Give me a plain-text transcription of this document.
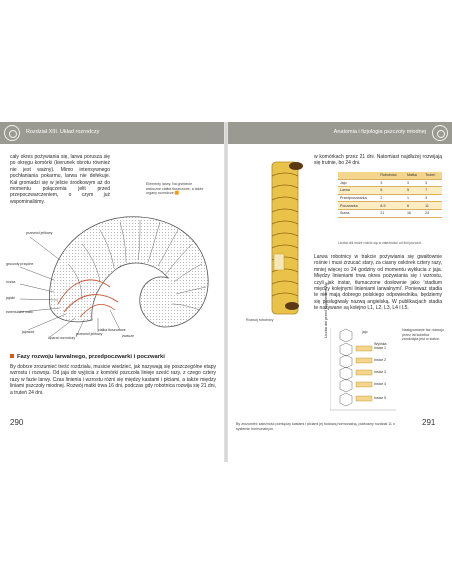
Rozdział XIII. Układ rozrodczy
cały okres pożywiania się, larwa porusza się po okręgu komórki (kierunek obrotu również nie jest ważny). Mimo intensywnego pochłaniania pokarmu, larwa nie defekuje. Kał gromadzi się w jelicie środkowym aż do momentu połączenia jelit przed przepoczwarczeniem, o czym już wspominaliśmy.
Elementy larwy. Na grzbiecie widoczne ciałka tłuszczowe, a także organy rozrodcze 🟧
przewód jelitowy
gruczoły przędne
oczka
jajniki
ewentualne ciało
jajowód
Aparat rozrodczy
przewód jelitowy
ciałka tłuszczowe
żwacze
Fazy rozwoju larwalnego, przedpoczwarki i poczwarki
By dobrze zrozumieć treść rozdziału, musicie wiedzieć, jak nazywają się poszczególne etapy wzrostu i rozwoju. Od jaja do wyjścia z komórki pszczoła linieje sześć razy, z czego cztery razy w fazie larwy. Czas linienia i wzrostu różni się między kastami i płciami, a także między liniami pszczoły miodnej. Rozwój matki trwa 16 dni, podczas gdy robotnica rozwija się 21 dni, a truteń 24 dni.
290
Anatomia i fizjologia pszczoły miodnej
Rozwój robotnicy
w komórkach przez 21 dni. Natomiast najdłużej rozwijają się trutnie, bo 24 dni.
	Robotnica	Matka	Truteń
Jajo	3	3	3
Larwa	6	5	7
Przedpoczwarka	2	1	3
Poczwarka	8-9	6	11
Suma	21	16	24
Liczba dni może różnić się w zależności od linii pszczół.
Larwa robotnicy w trakcie pożywiania się gwałtownie rośnie i musi zrzucać stary, za ciasny oskórek cztery razy, mniej więcej co 24 godziny od momentu wykłucia z jaja. Między linieniami trwa okres pożywiania się i wzrostu, czyli jak instar, tłumaczone dosłownie jako 'stadium między kolejnymi linieniami larwalnymi'. Ponieważ stadia te nie mają dobrego polskiego odpowiednika, będziemy się posługiwały nazwą angielską. W publikacjach stadia te nazywane są kolejno L1, L2, L3, L4 i L5.
Liczba dni przed pojawieniem się	jajo
Wylinka
Instar 1
Instar 2
Instar 3
Instar 4
Instar 5
Następowanie faz rozwoju przez lat kubełka zamknięta jest w siatce.
By zrozumieć zależność pomiędzy kastami i płciami jej budową hormonalną, polecamy rozdział 11 o systemie hormonalnym.
291
